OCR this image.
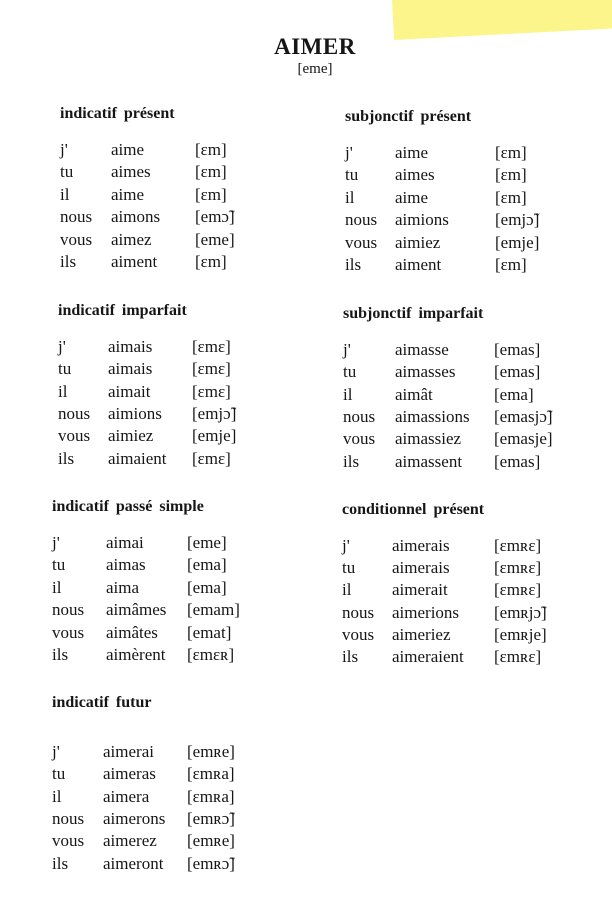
AIMER
[eme]
indicatif présent
j'	aime	[ɛm]
tu aimes	[ɛm]
il aime	[ɛm]
nous aimons [emɔ̃]
vous aimez	[eme]
ils aiment [ɛm]
subjonctif présent
j' aime	[ɛm]
tu aimes	[ɛm]
il aime	[ɛm]
nous aimions	[emjɔ̃]
vous aimiez	[emje]
ils aiment	[ɛm]
indicatif imparfait
j' aimais [ɛmɛ]
tu aimais [ɛmɛ]
il aimait [ɛmɛ]
nous aimions [emjɔ̃]
vous aimiez [emje]
ils aimaient [ɛmɛ]
subjonctif imparfait
j'	aimasse	[emas]
tu aimasses [emas]
il	aimât	[ema]
nous aimassions [emasjɔ̃]
vous aimassiez [emasje]
ils aimassent [emas]
indicatif passé simple
j'	aimai	[eme]
tu aimas [ema]
il	aima	[ema]
nous aimâmes [emam]
vous aimâtes [emat]
ils aimèrent [ɛmɛʀ]
conditionnel présent
j' aimerais	[ɛmʀɛ]
tu aimerais	[ɛmʀɛ]
il aimerait	[ɛmʀɛ]
nous aimerions [emʀjɔ̃]
vous aimeriez	[emʀje]
ils aimeraient [ɛmʀɛ]
indicatif futur
j'	aimerai [emʀe]
tu aimeras [ɛmʀa]
il aimera [ɛmʀa]
nous aimerons [emʀɔ̃]
vous aimerez [emʀe]
ils aimeront [emʀɔ̃]
